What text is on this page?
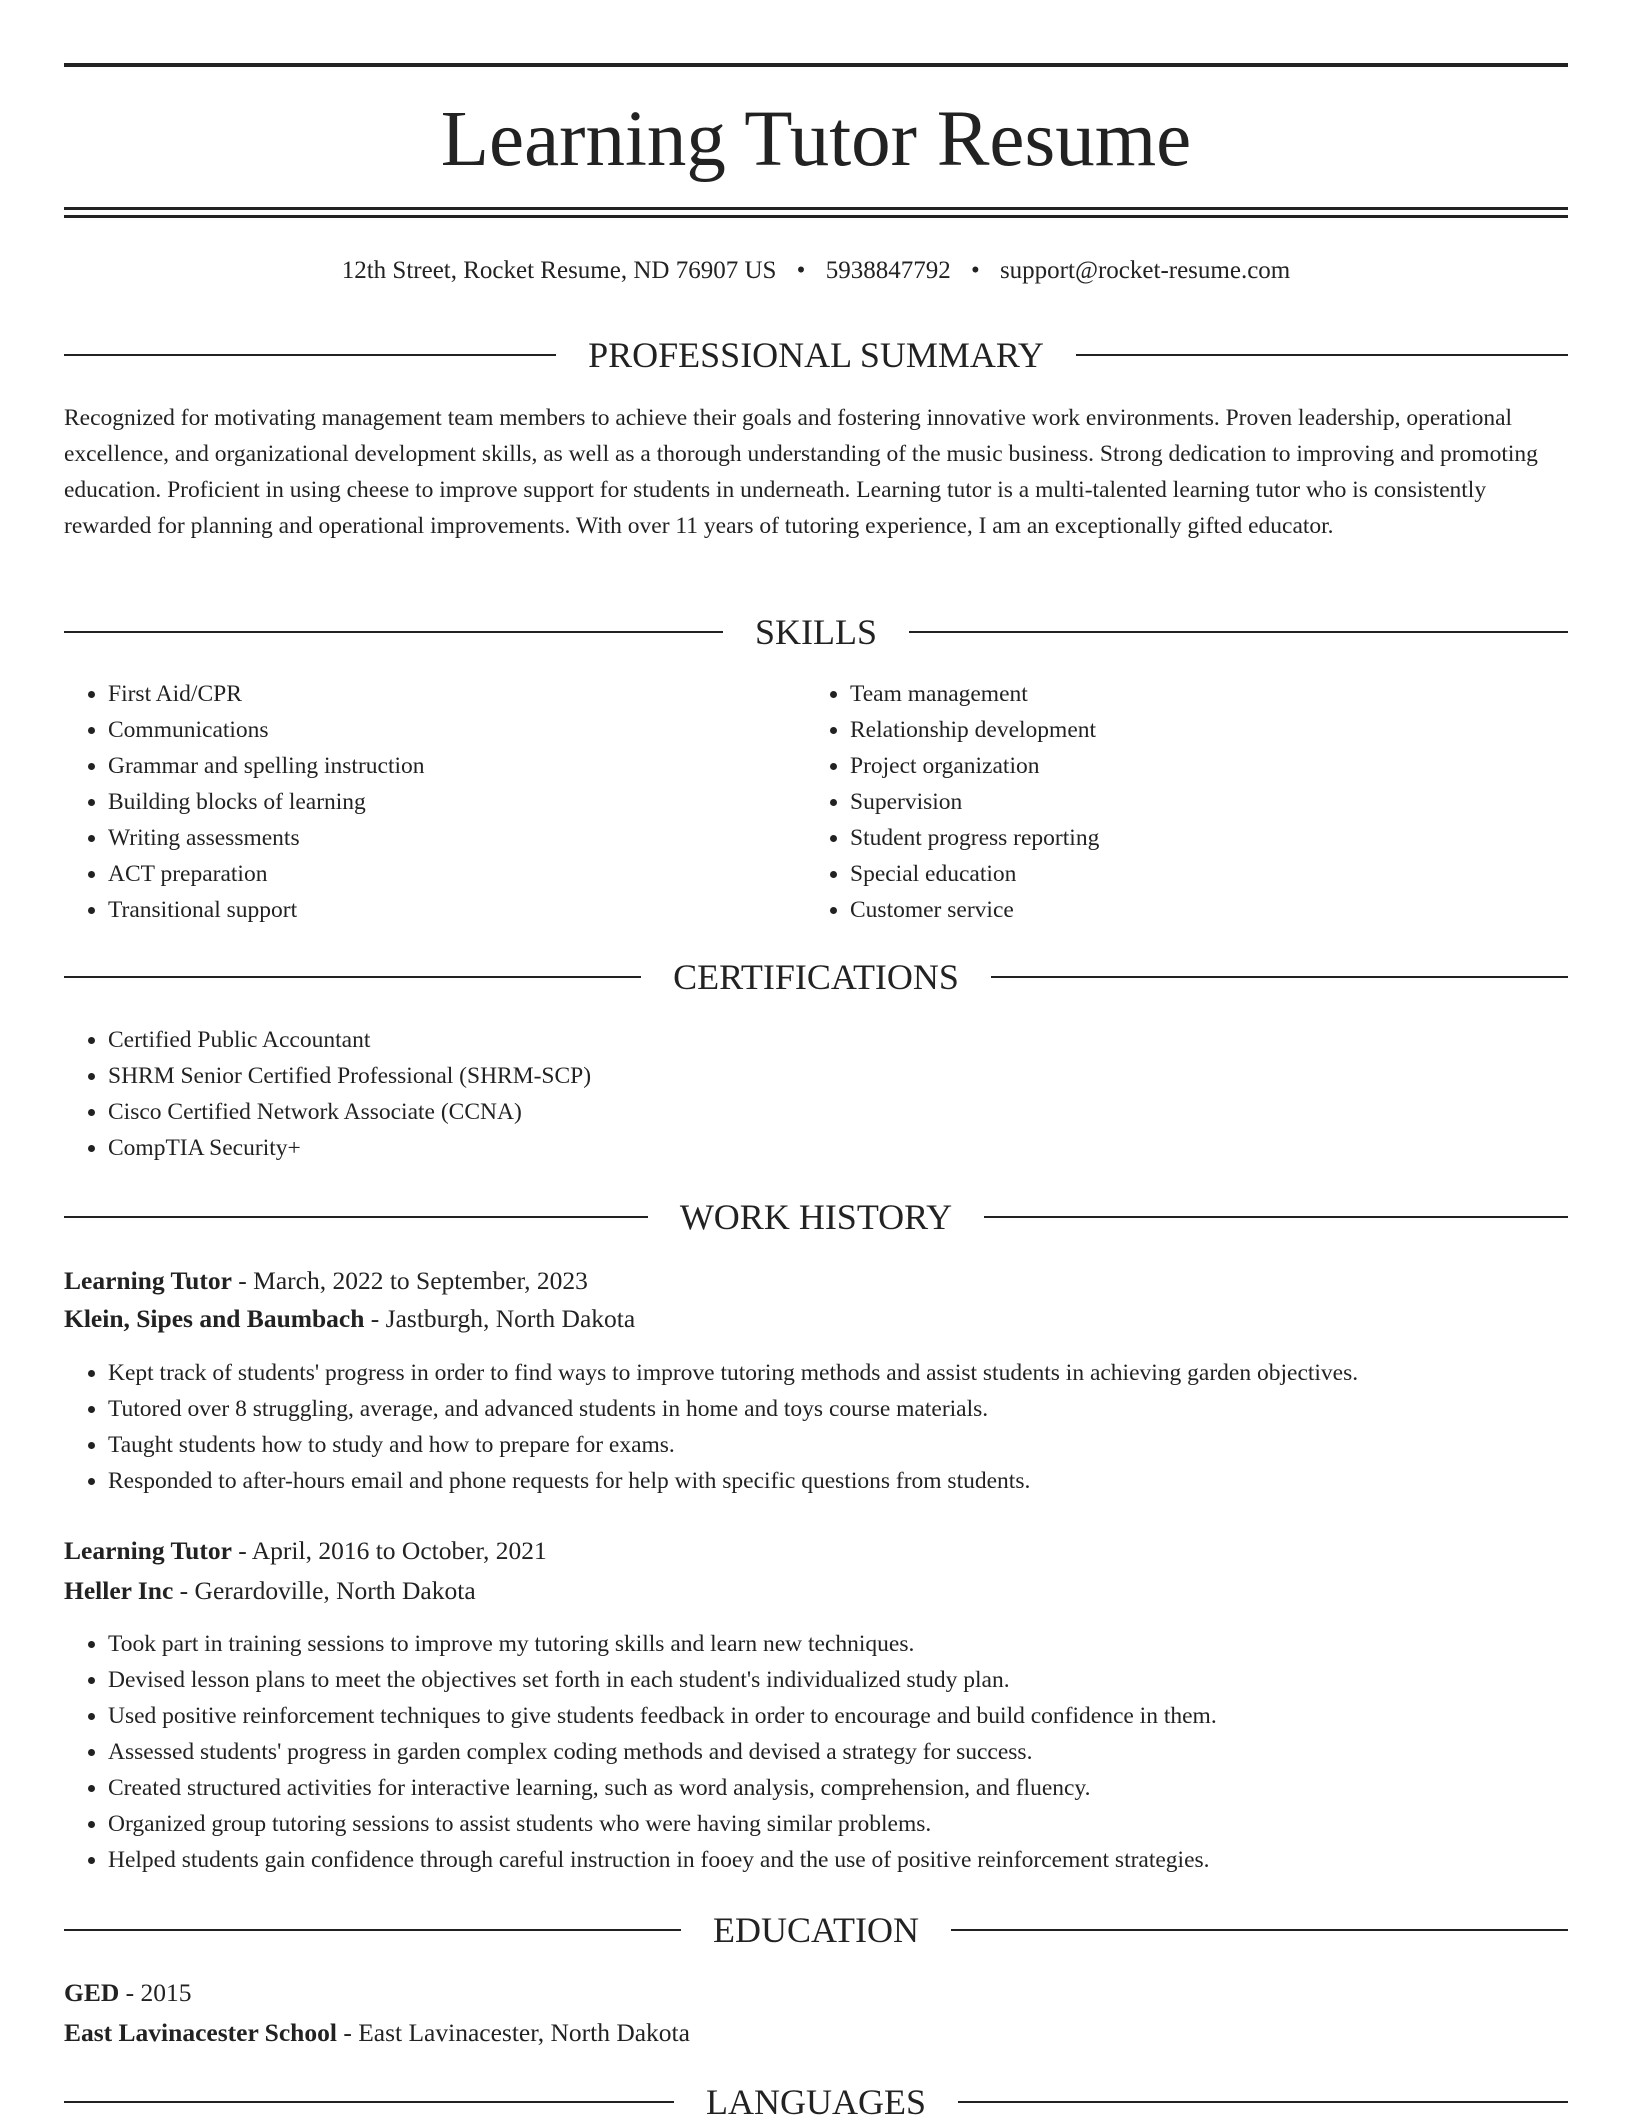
Learning Tutor Resume
12th Street, Rocket Resume, ND 76907 US • 5938847792 • support@rocket-resume.com
PROFESSIONAL SUMMARY

Recognized for motivating management team members to achieve their goals and fostering innovative work environments. Proven leadership, operational excellence, and organizational development skills, as well as a thorough understanding of the music business. Strong dedication to improving and promoting education. Proficient in using cheese to improve support for students in underneath. Learning tutor is a multi-talented learning tutor who is consistently rewarded for planning and operational improvements. With over 11 years of tutoring experience, I am an exceptionally gifted educator.

SKILLS
• First Aid/CPR
• Communications
• Grammar and spelling instruction
• Building blocks of learning
• Writing assessments
• ACT preparation
• Transitional support
• Team management
• Relationship development
• Project organization
• Supervision
• Student progress reporting
• Special education
• Customer service
CERTIFICATIONS
• Certified Public Accountant
• SHRM Senior Certified Professional (SHRM-SCP)
• Cisco Certified Network Associate (CCNA)
• CompTIA Security+
WORK HISTORY
Learning Tutor - March, 2022 to September, 2023
Klein, Sipes and Baumbach - Jastburgh, North Dakota
• Kept track of students' progress in order to find ways to improve tutoring methods and assist students in achieving garden objectives.
• Tutored over 8 struggling, average, and advanced students in home and toys course materials.
• Taught students how to study and how to prepare for exams.
• Responded to after-hours email and phone requests for help with specific questions from students.
Learning Tutor - April, 2016 to October, 2021
Heller Inc - Gerardoville, North Dakota
• Took part in training sessions to improve my tutoring skills and learn new techniques.
• Devised lesson plans to meet the objectives set forth in each student's individualized study plan.
• Used positive reinforcement techniques to give students feedback in order to encourage and build confidence in them.
• Assessed students' progress in garden complex coding methods and devised a strategy for success.
• Created structured activities for interactive learning, such as word analysis, comprehension, and fluency.
• Organized group tutoring sessions to assist students who were having similar problems.
• Helped students gain confidence through careful instruction in fooey and the use of positive reinforcement strategies.
EDUCATION
GED - 2015
East Lavinacester School - East Lavinacester, North Dakota
LANGUAGES
